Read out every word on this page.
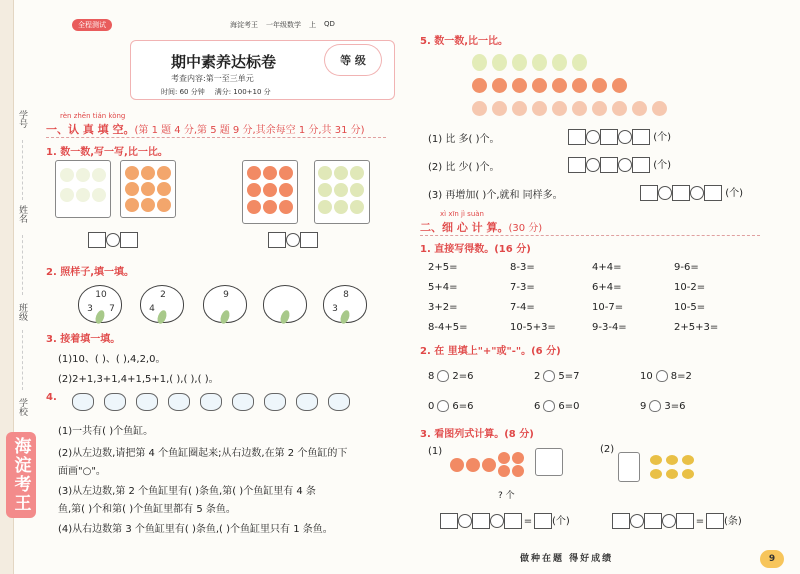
学号
姓名
班级
学校
海淀考王
全程测试	海淀考王 一年级数学 上 QD
期中素养达标卷
考查内容:第一至三单元
时间: 60 分钟 满分: 100+10 分
等 级
rèn zhēn tián kòng
一、认 真 填 空。(第 1 题 4 分,第 5 题 9 分,其余每空 1 分,共 31 分)
1. 数一数,写一写,比一比。
2. 照样子,填一填。
10
3	7
2
4
9	8
3
3. 接着填一填。
(1)10、( )、( ),4,2,0。
(2)2+1,3+1,4+1,5+1,( ),( ),( )。
4.
(1)一共有( )个鱼缸。
(2)从左边数,请把第 4 个鱼缸圈起来;从右边数,在第 2 个鱼缸的下
面画"○"。
(3)从左边数,第 2 个鱼缸里有( )条鱼,第( )个鱼缸里有 4 条
鱼,第( )个和第( )个鱼缸里都有 5 条鱼。
(4)从右边数第 3 个鱼缸里有( )条鱼,( )个鱼缸里只有 1 条鱼。
5. 数一数,比一比。
(1) 比 多( )个。	(个)
(2) 比 少( )个。	(个)
(3) 再增加( )个,就和 同样多。	(个)
xì xīn jì suàn
二、细 心 计 算。(30 分)
1. 直接写得数。(16 分)
2+5=	8-3=	4+4=	9-6=
5+4=	7-3=	6+4=	10-2=
3+2=	7-4=	10-7=	10-5=
8-4+5=	10-5+3=	9-3-4=	2+5+3=
2. 在 里填上"+"或"-"。(6 分)
8 2=6	2 5=7	10 8=2
0 6=6	6 6=0	9 3=6
3. 看图列式计算。(8 分)
(1)	(2)
? 个
= (个)	= (条)
做种在题 得好成绩	9
